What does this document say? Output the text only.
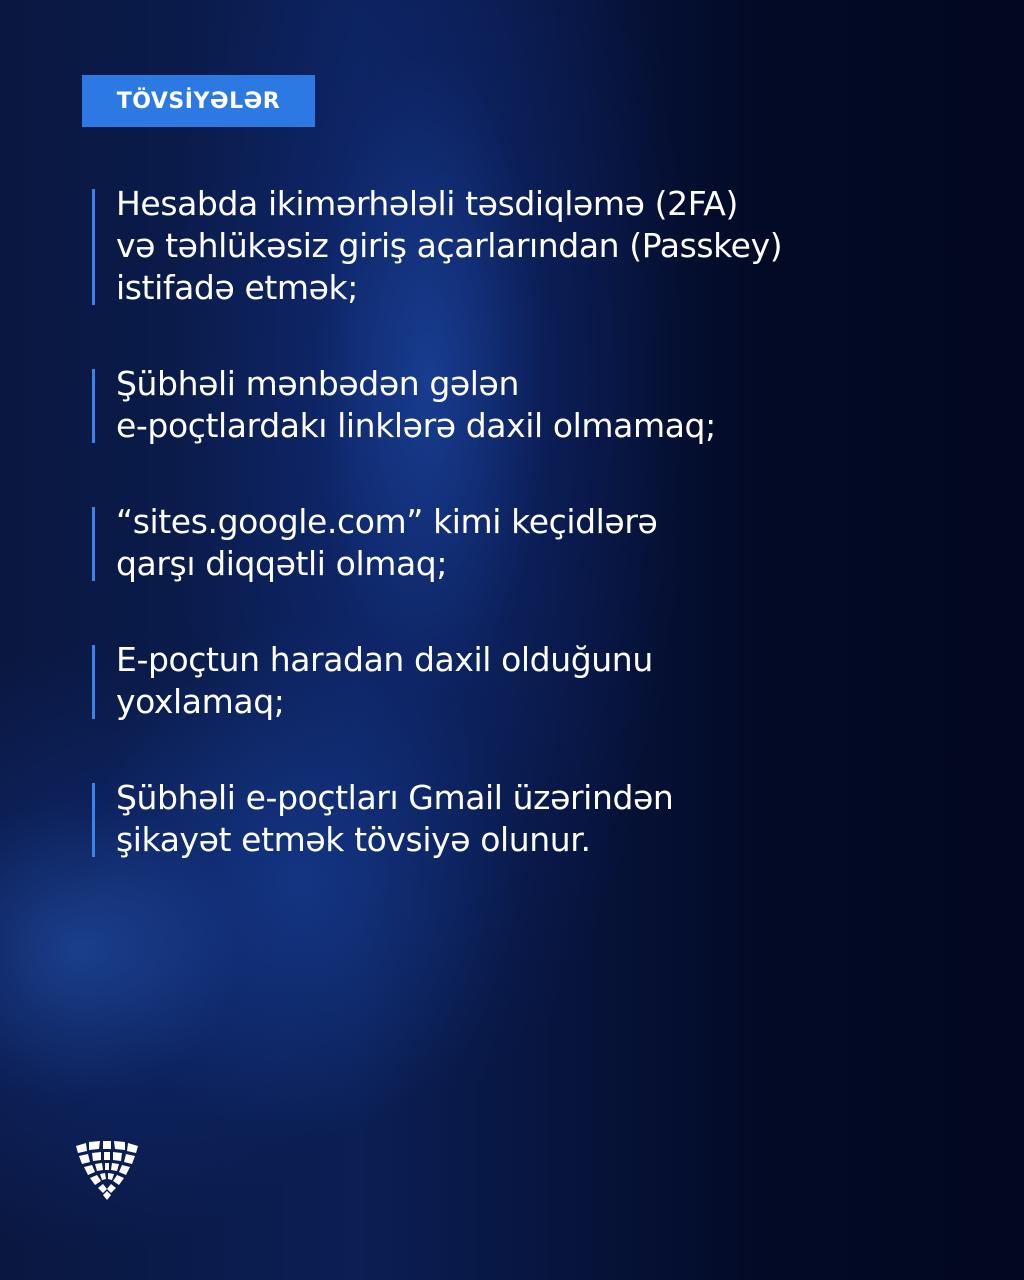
TÖVSİYƏLƏR
Hesabda ikimərhələli təsdiqləmə (2FA)
və təhlükəsiz giriş açarlarından (Passkey)
istifadə etmək;
Şübhəli mənbədən gələn
e-poçtlardakı linklərə daxil olmamaq;
“sites.google.com” kimi keçidlərə
qarşı diqqətli olmaq;
E-poçtun haradan daxil olduğunu
yoxlamaq;
Şübhəli e-poçtları Gmail üzərindən
şikayət etmək tövsiyə olunur.
